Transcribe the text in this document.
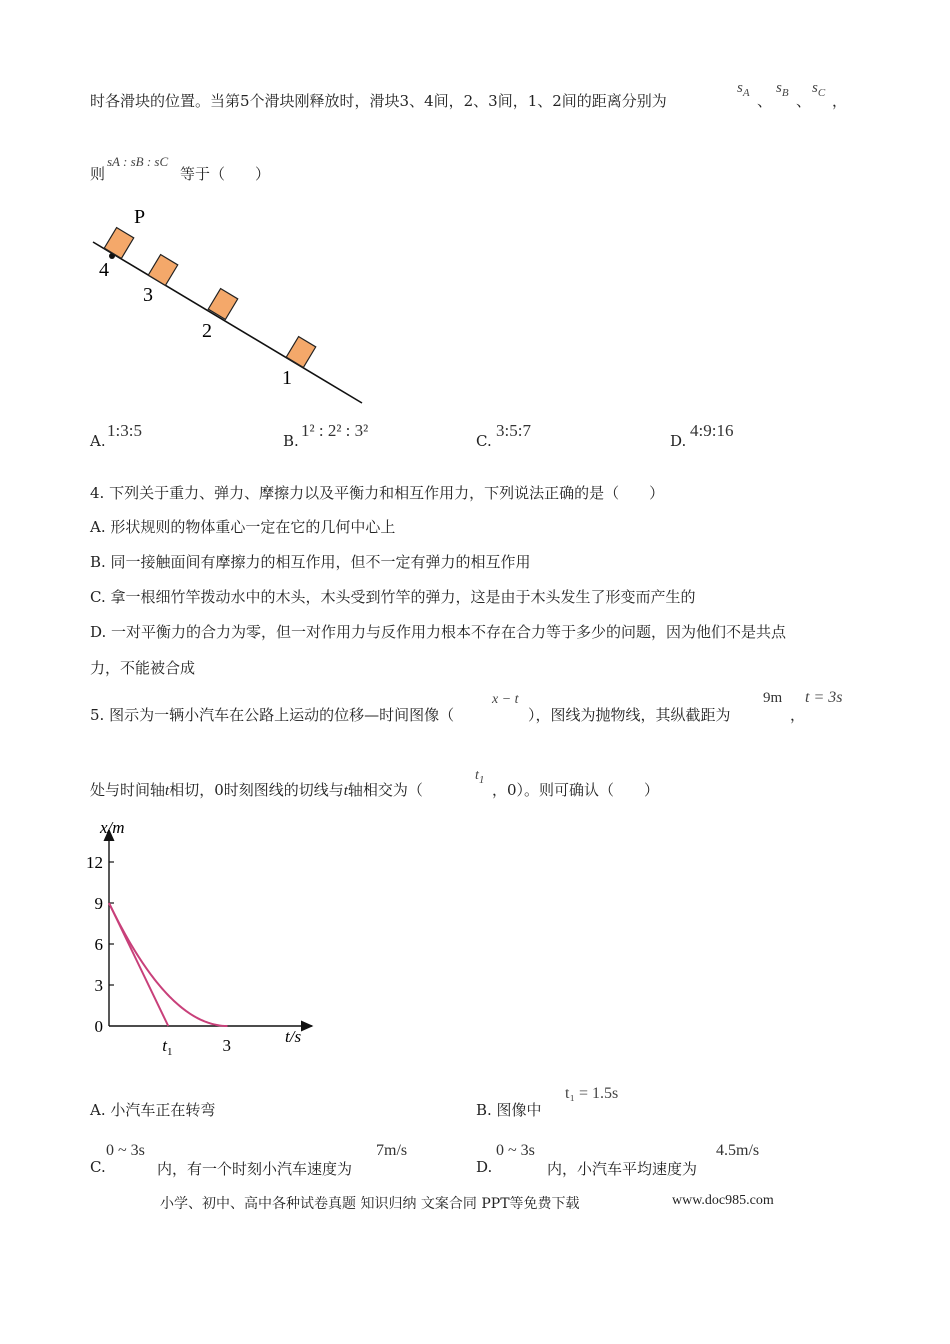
时各滑块的位置。当第5个滑块刚释放时，滑块3、4间，2、3间，1、2间的距离分别为
$s_A$ 、
$s_B$ 、
$s_C$ ，
则
sA : sB : sC
等于（　　）
P
4
3
2
1
A.
1:3:5
B.
1² : 2² : 3²
C.
3:5:7
D.
4:9:16
4. 下列关于重力、弹力、摩擦力以及平衡力和相互作用力，下列说法正确的是（　　）
A. 形状规则的物体重心一定在它的几何中心上
B. 同一接触面间有摩擦力的相互作用，但不一定有弹力的相互作用
C. 拿一根细竹竿拨动水中的木头，木头受到竹竿的弹力，这是由于木头发生了形变而产生的
D. 一对平衡力的合力为零，但一对作用力与反作用力根本不存在合力等于多少的问题，因为他们不是共点
力，不能被合成
5. 图示为一辆小汽车在公路上运动的位移—时间图像（
x − t
），图线为抛物线，其纵截距为
9m
，
t = 3s
处与时间轴t相切，0时刻图线的切线与t轴相交为（
$t_1$
，0）。则可确认（　　）
12
9
6
3
0
x/m
$t_1$	3	t/s
A. 小汽车正在转弯	B. 图像中
t₁ = 1.5s
C.
0 ~ 3s
内，有一个时刻小汽车速度为
7m/s
D.
0 ~ 3s
内，小汽车平均速度为
4.5m/s
小学、初中、高中各种试卷真题 知识归纳 文案合同 PPT等免费下载	www.doc985.com
